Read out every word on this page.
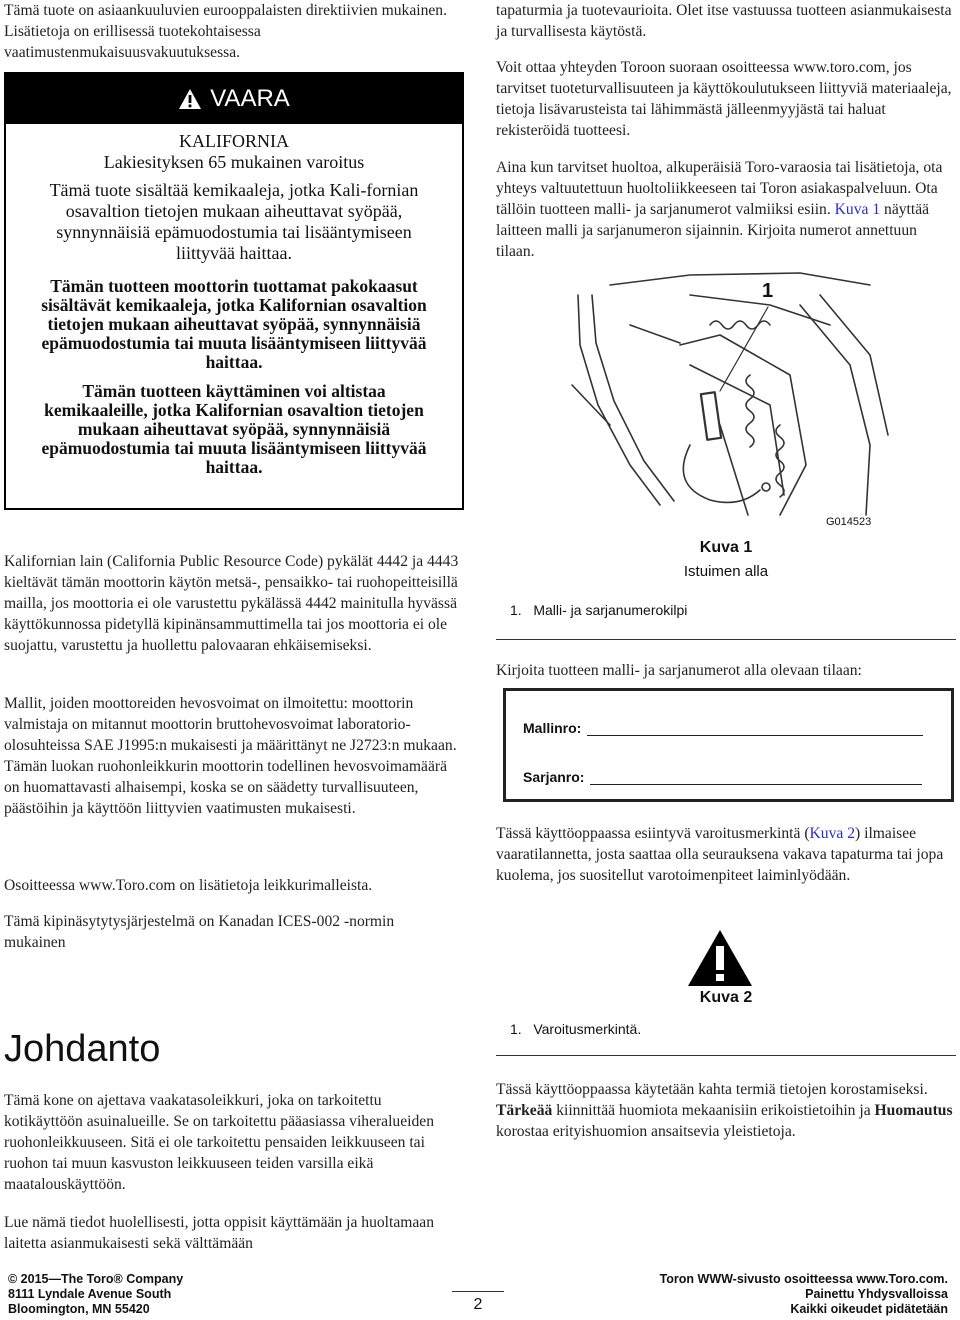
Tämä tuote on asiaankuuluvien eurooppalaisten direktiivien mukainen. Lisätietoja on erillisessä tuotekohtaisessa vaatimustenmukaisuusvakuutuksessa.

VAARA
KALIFORNIA
Lakiesityksen 65 mukainen varoitus

Tämä tuote sisältää kemikaaleja, jotka Kali-fornian osavaltion tietojen mukaan aiheuttavat syöpää, synnynnäisiä epämuodostumia tai lisääntymiseen liittyvää haittaa.

Tämän tuotteen moottorin tuottamat pakokaasut sisältävät kemikaaleja, jotka Kalifornian osavaltion tietojen mukaan aiheuttavat syöpää, synnynnäisiä epämuodostumia tai muuta lisääntymiseen liittyvää haittaa.

Tämän tuotteen käyttäminen voi altistaa kemikaaleille, jotka Kalifornian osavaltion tietojen mukaan aiheuttavat syöpää, synnynnäisiä epämuodostumia tai muuta lisääntymiseen liittyvää haittaa.

Kalifornian lain (California Public Resource Code) pykälät 4442 ja 4443 kieltävät tämän moottorin käytön metsä-, pensaikko- tai ruohopeitteisillä mailla, jos moottoria ei ole varustettu pykälässä 4442 mainitulla hyvässä käyttökunnossa pidetyllä kipinänsammuttimella tai jos moottoria ei ole suojattu, varustettu ja huollettu palovaaran ehkäisemiseksi.

Mallit, joiden moottoreiden hevosvoimat on ilmoitettu: moottorin valmistaja on mitannut moottorin bruttohevosvoimat laboratorio-olosuhteissa SAE J1995:n mukaisesti ja määrittänyt ne J2723:n mukaan. Tämän luokan ruohonleikkurin moottorin todellinen hevosvoimamäärä on huomattavasti alhaisempi, koska se on säädetty turvallisuuteen, päästöihin ja käyttöön liittyvien vaatimusten mukaisesti.

Osoitteessa www.Toro.com on lisätietoja leikkurimalleista.

Tämä kipinäsytytysjärjestelmä on Kanadan ICES-002 -normin mukainen

Johdanto

Tämä kone on ajettava vaakatasoleikkuri, joka on tarkoitettu kotikäyttöön asuinalueille. Se on tarkoitettu pääasiassa viheralueiden ruohonleikkuuseen. Sitä ei ole tarkoitettu pensaiden leikkuuseen tai ruohon tai muun kasvuston leikkuuseen teiden varsilla eikä maatalouskäyttöön.

Lue nämä tiedot huolellisesti, jotta oppisit käyttämään ja huoltamaan laitetta asianmukaisesti sekä välttämään

tapaturmia ja tuotevaurioita. Olet itse vastuussa tuotteen asianmukaisesta ja turvallisesta käytöstä.

Voit ottaa yhteyden Toroon suoraan osoitteessa www.toro.com, jos tarvitset tuoteturvallisuuteen ja käyttökoulutukseen liittyviä materiaaleja, tietoja lisävarusteista tai lähimmästä jälleenmyyjästä tai haluat rekisteröidä tuotteesi.

Aina kun tarvitset huoltoa, alkuperäisiä Toro-varaosia tai lisätietoja, ota yhteys valtuutettuun huoltoliikkeeseen tai Toron asiakaspalveluun. Ota tällöin tuotteen malli- ja sarjanumerot valmiiksi esiin. Kuva 1 näyttää laitteen malli ja sarjanumeron sijainnin. Kirjoita numerot annettuun tilaan.

1
G014523
Kuva 1
Istuimen alla
1.   Malli- ja sarjanumerokilpi

Kirjoita tuotteen malli- ja sarjanumerot alla olevaan tilaan:

Mallinro:
Sarjanro:

Tässä käyttöoppaassa esiintyvä varoitusmerkintä (Kuva 2) ilmaisee vaaratilannetta, josta saattaa olla seurauksena vakava tapaturma tai jopa kuolema, jos suositellut varotoimenpiteet laiminlyödään.

Kuva 2
1.   Varoitusmerkintä.

Tässä käyttöoppaassa käytetään kahta termiä tietojen korostamiseksi. Tärkeää kiinnittää huomiota mekaanisiin erikoistietoihin ja Huomautus korostaa erityishuomion ansaitsevia yleistietoja.

© 2015—The Toro® Company
8111 Lyndale Avenue South
Bloomington, MN 55420	2
Toron WWW-sivusto osoitteessa www.Toro.com.
Painettu Yhdysvalloissa
Kaikki oikeudet pidätetään
